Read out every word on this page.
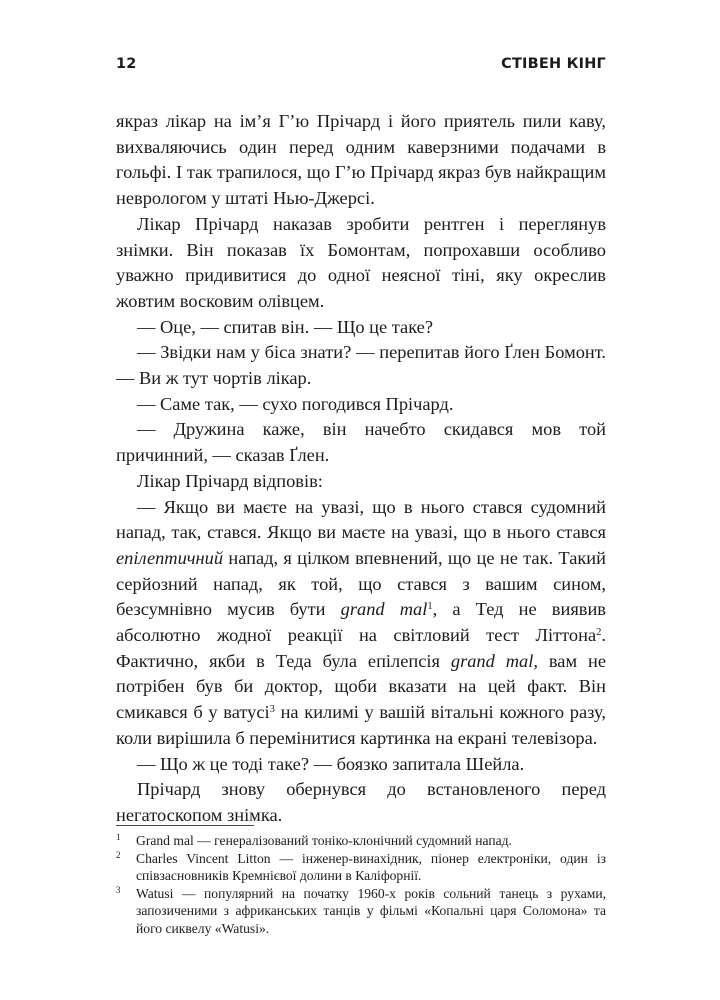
12	СТІВЕН КІНГ

якраз лікар на ім’я Г’ю Прічард і його приятель пили каву, вихваляючись один перед одним каверзними подачами в гольфі. І так трапилося, що Г’ю Прічард якраз був найкращим неврологом у штаті Нью-Джерсі.

Лікар Прічард наказав зробити рентген і переглянув знімки. Він показав їх Бомонтам, попрохавши особливо уважно придивитися до одної неясної тіні, яку окреслив жовтим восковим олівцем.

— Оце, — спитав він. — Що це таке?

— Звідки нам у біса знати? — перепитав його Ґлен Бомонт. — Ви ж тут чортів лікар.

— Саме так, — сухо погодився Прічард.

— Дружина каже, він начебто скидався мов той причинний, — сказав Ґлен.

Лікар Прічард відповів:

— Якщо ви маєте на увазі, що в нього стався судомний напад, так, стався. Якщо ви маєте на увазі, що в нього стався епілептичний напад, я цілком впевнений, що це не так. Такий серйозний напад, як той, що стався з вашим сином, безсумнівно мусив бути grand mal$^1$, а Тед не виявив абсолютно жодної реакції на світловий тест Літтона$^2$. Фактично, якби в Теда була епілепсія grand mal, вам не потрібен був би доктор, щоби вказати на цей факт. Він смикався б у ватусі$^3$ на килимі у вашій вітальні кожного разу, коли вирішила б перемінитися картинка на екрані телевізора.

— Що ж це тоді таке? — боязко запитала Шейла.

Прічард знову обернувся до встановленого перед негатоскопом знімка.

1 Grand mal — генералізований тоніко-клонічний судомний напад.

2 Charles Vincent Litton — інженер-винахідник, піонер електроніки, один із співзасновників Кремнієвої долини в Каліфорнії.

3 Watusi — популярний на початку 1960-х років сольний танець з рухами, запозиченими з африканських танців у фільмі «Копальні царя Соломона» та його сиквелу «Watusi».
